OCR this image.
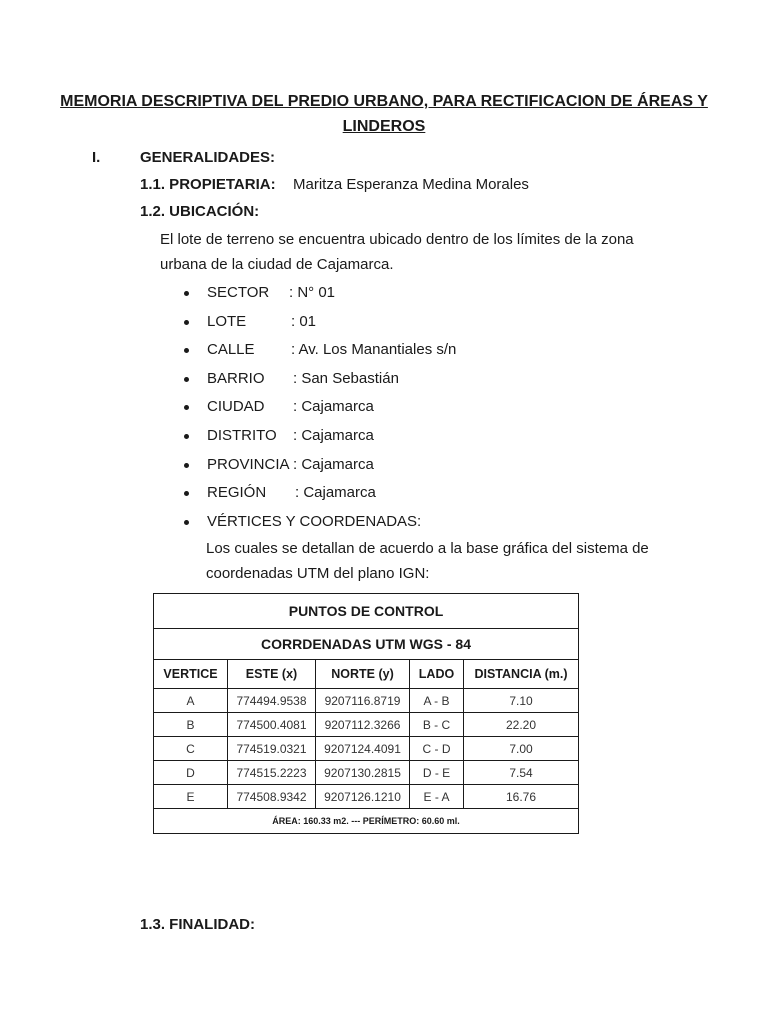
MEMORIA DESCRIPTIVA DEL PREDIO URBANO, PARA RECTIFICACION DE ÁREAS Y LINDEROS
I.	GENERALIDADES:
1.1. PROPIETARIA: Maritza Esperanza Medina Morales
1.2. UBICACIÓN:
El lote de terreno se encuentra ubicado dentro de los límites de la zona urbana de la ciudad de Cajamarca.
SECTOR : N° 01
LOTE	: 01
CALLE : Av. Los Manantiales s/n
BARRIO : San Sebastián
CIUDAD : Cajamarca
DISTRITO : Cajamarca
PROVINCIA : Cajamarca
REGIÓN : Cajamarca
VÉRTICES Y COORDENADAS:
Los cuales se detallan de acuerdo a la base gráfica del sistema de coordenadas UTM del plano IGN:
PUNTOS DE CONTROL				
CORRDENADAS UTM WGS - 84				
VERTICE	ESTE (x)	NORTE (y)	LADO	DISTANCIA (m.)
A	774494.9538	9207116.8719	A - B	7.10
B	774500.4081	9207112.3266	B - C	22.20
C	774519.0321	9207124.4091	C - D	7.00
D	774515.2223	9207130.2815	D - E	7.54
E	774508.9342	9207126.1210	E - A	16.76
ÁREA: 160.33 m2. --- PERÍMETRO: 60.60 ml.				
1.3. FINALIDAD:
